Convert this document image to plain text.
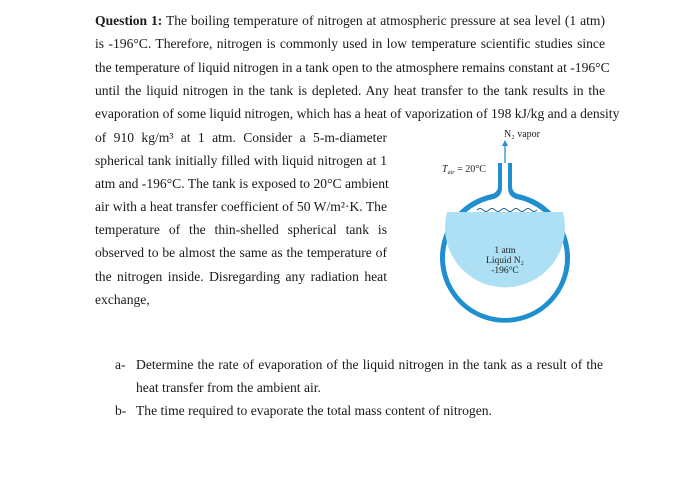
Question 1: The boiling temperature of nitrogen at atmospheric pressure at sea level (1 atm)
is -196°C. Therefore, nitrogen is commonly used in low temperature scientific studies since
the temperature of liquid nitrogen in a tank open to the atmosphere remains constant at -196°C
until the liquid nitrogen in the tank is depleted. Any heat transfer to the tank results in the
evaporation of some liquid nitrogen, which has a heat of vaporization of 198 kJ/kg and a density
of 910 kg/m³ at 1 atm. Consider a 5-m-diameter
spherical tank initially filled with liquid nitrogen at 1
atm and -196°C. The tank is exposed to 20°C ambient
air with a heat transfer coefficient of 50 W/m²·K. The
temperature of the thin-shelled spherical tank is
observed to be almost the same as the temperature of
the nitrogen inside. Disregarding any radiation heat
exchange,
N₂ vapor
$T_{air} = 20^\circ C$
1 atm
Liquid N₂
-196°C
a- Determine the rate of evaporation of the liquid nitrogen in the tank as a result of the
heat transfer from the ambient air.
b- The time required to evaporate the total mass content of nitrogen.
